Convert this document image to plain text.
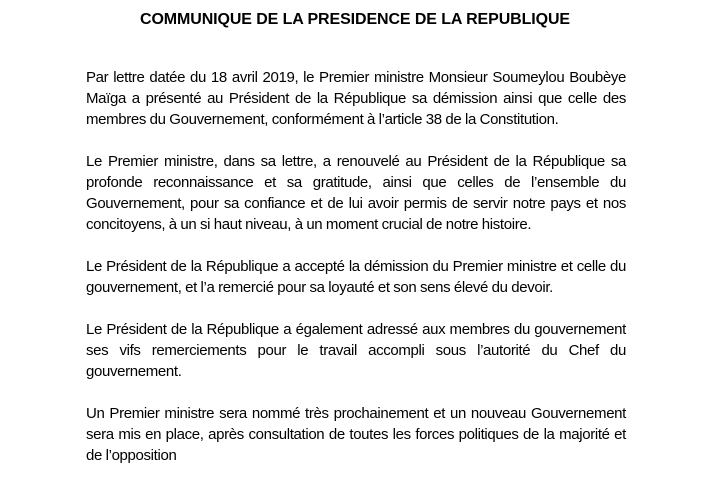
COMMUNIQUE DE LA PRESIDENCE DE LA REPUBLIQUE

Par lettre datée du 18 avril 2019, le Premier ministre Monsieur Soumeylou Boubèye Maïga a présenté au Président de la République sa démission ainsi que celle des membres du Gouvernement, conformément à l’article 38 de la Constitution.

Le Premier ministre, dans sa lettre, a renouvelé au Président de la République sa profonde reconnaissance et sa gratitude, ainsi que celles de l’ensemble du Gouvernement, pour sa confiance et de lui avoir permis de servir notre pays et nos concitoyens, à un si haut niveau, à un moment crucial de notre histoire.

Le Président de la République a accepté la démission du Premier ministre et celle du gouvernement, et l’a remercié pour sa loyauté et son sens élevé du devoir.

Le Président de la République a également adressé aux membres du gouvernement ses vifs remerciements pour le travail accompli sous l’autorité du Chef du gouvernement.

Un Premier ministre sera nommé très prochainement et un nouveau Gouvernement sera mis en place, après consultation de toutes les forces politiques de la majorité et de l’opposition
